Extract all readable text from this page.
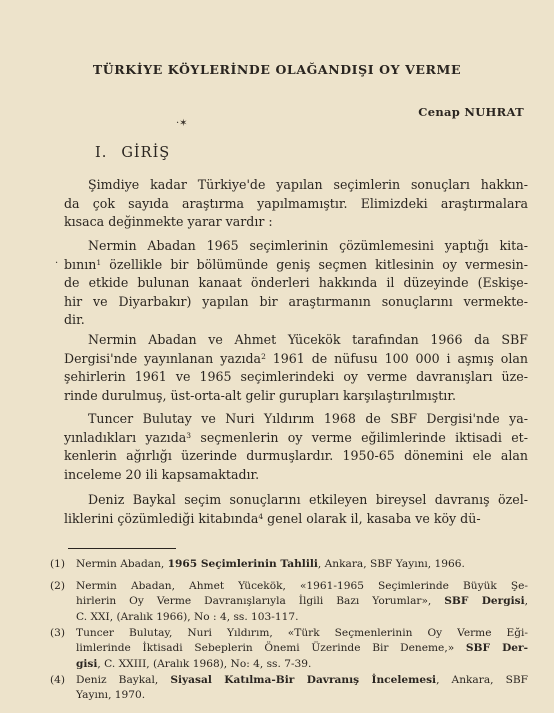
TÜRKİYE KÖYLERİNDE OLAĞANDIŞI OY VERME
Cenap NUHRAT
·✶
I. GİRİŞ
·
Şimdiye kadar Türkiye'de yapılan seçimlerin sonuçları hakkın-
da çok sayıda araştırma yapılmamıştır. Elimizdeki araştırmalara
kısaca değinmekte yarar vardır :
Nermin Abadan 1965 seçimlerinin çözümlemesini yaptığı kita-
bının$^1$ özellikle bir bölümünde geniş seçmen kitlesinin oy vermesin-
de etkide bulunan kanaat önderleri hakkında il düzeyinde (Eskişe-
hir ve Diyarbakır) yapılan bir araştırmanın sonuçlarını vermekte-
dir.
Nermin Abadan ve Ahmet Yücekök tarafından 1966 da SBF
Dergisi'nde yayınlanan yazıda$^2$ 1961 de nüfusu 100 000 i aşmış olan
şehirlerin 1961 ve 1965 seçimlerindeki oy verme davranışları üze-
rinde durulmuş, üst-orta-alt gelir gurupları karşılaştırılmıştır.
Tuncer Bulutay ve Nuri Yıldırım 1968 de SBF Dergisi'nde ya-
yınladıkları yazıda$^3$ seçmenlerin oy verme eğilimlerinde iktisadi et-
kenlerin ağırlığı üzerinde durmuşlardır. 1950-65 dönemini ele alan
inceleme 20 ili kapsamaktadır.
Deniz Baykal seçim sonuçlarını etkileyen bireysel davranış özel-
liklerini çözümlediği kitabında$^4$ genel olarak il, kasaba ve köy dü-
(1) Nermin Abadan, 1965 Seçimlerinin Tahlili, Ankara, SBF Yayını, 1966.
(2) Nermin Abadan, Ahmet Yücekök, «1961-1965 Seçimlerinde Büyük Şe-
hirlerin Oy Verme Davranışlarıyla İlgili Bazı Yorumlar», SBF Dergisi,
C. XXI, (Aralık 1966), No : 4, ss. 103-117.
(3) Tuncer Bulutay, Nuri Yıldırım, «Türk Seçmenlerinin Oy Verme Eği-
limlerinde İktisadi Sebeplerin Önemi Üzerinde Bir Deneme,» SBF Der-
gisi, C. XXIII, (Aralık 1968), No: 4, ss. 7-39.
(4) Deniz Baykal, Siyasal Katılma-Bir Davranış İncelemesi, Ankara, SBF
Yayını, 1970.
